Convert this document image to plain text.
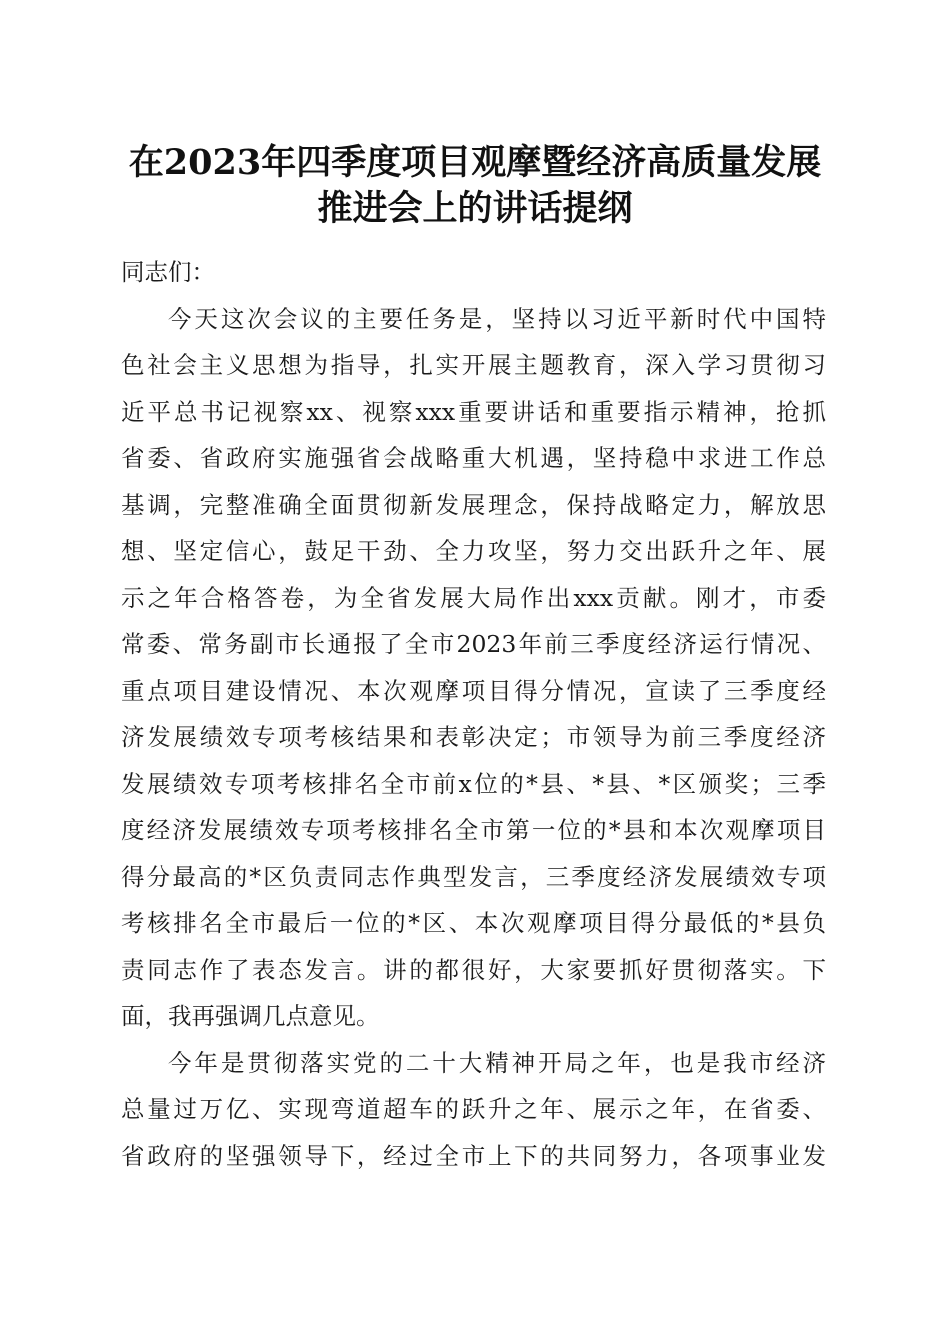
在2023年四季度项目观摩暨经济高质量发展
推进会上的讲话提纲

同志们：

今天这次会议的主要任务是，坚持以习近平新时代中国特
色社会主义思想为指导，扎实开展主题教育，深入学习贯彻习
近平总书记视察xx、视察xxx重要讲话和重要指示精神，抢抓
省委、省政府实施强省会战略重大机遇，坚持稳中求进工作总
基调，完整准确全面贯彻新发展理念，保持战略定力，解放思
想、坚定信心，鼓足干劲、全力攻坚，努力交出跃升之年、展
示之年合格答卷，为全省发展大局作出xxx贡献。刚才，市委
常委、常务副市长通报了全市2023年前三季度经济运行情况、
重点项目建设情况、本次观摩项目得分情况，宣读了三季度经
济发展绩效专项考核结果和表彰决定；市领导为前三季度经济
发展绩效专项考核排名全市前x位的*县、*县、*区颁奖；三季
度经济发展绩效专项考核排名全市第一位的*县和本次观摩项目
得分最高的*区负责同志作典型发言，三季度经济发展绩效专项
考核排名全市最后一位的*区、本次观摩项目得分最低的*县负
责同志作了表态发言。讲的都很好，大家要抓好贯彻落实。下
面，我再强调几点意见。

今年是贯彻落实党的二十大精神开局之年，也是我市经济
总量过万亿、实现弯道超车的跃升之年、展示之年，在省委、
省政府的坚强领导下，经过全市上下的共同努力，各项事业发
